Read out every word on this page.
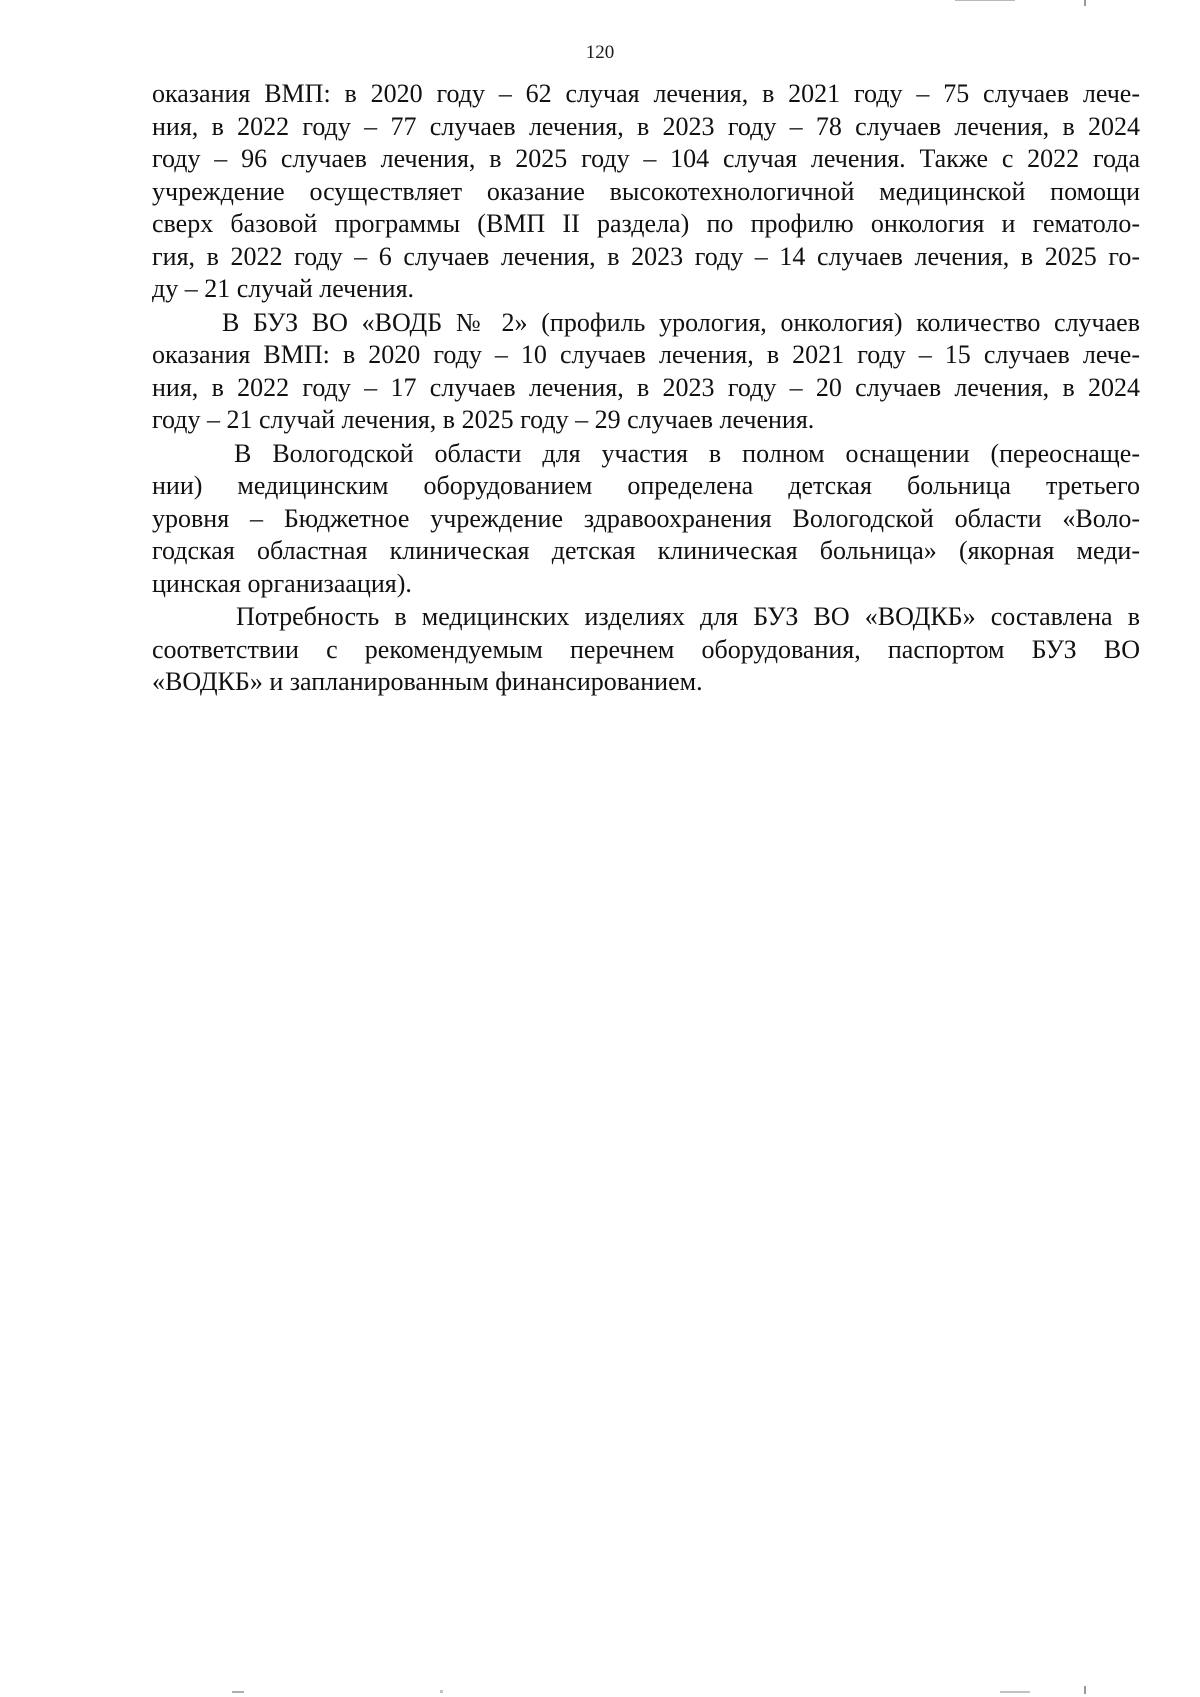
120
оказания ВМП: в 2020 году – 62 случая лечения, в 2021 году – 75 случаев лече-
ния, в 2022 году – 77 случаев лечения, в 2023 году – 78 случаев лечения, в 2024
году – 96 случаев лечения, в 2025 году – 104 случая лечения. Также с 2022 года
учреждение осуществляет оказание высокотехнологичной медицинской помощи
сверх базовой программы (ВМП II раздела) по профилю онкология и гематоло-
гия, в 2022 году – 6 случаев лечения, в 2023 году – 14 случаев лечения, в 2025 го-
ду – 21 случай лечения.
В БУЗ ВО «ВОДБ № 2» (профиль урология, онкология) количество случаев
оказания ВМП: в 2020 году – 10 случаев лечения, в 2021 году – 15 случаев лече-
ния, в 2022 году – 17 случаев лечения, в 2023 году – 20 случаев лечения, в 2024
году – 21 случай лечения, в 2025 году – 29 случаев лечения.
В Вологодской области для участия в полном оснащении (переоснаще-
нии) медицинским оборудованием определена детская больница третьего
уровня – Бюджетное учреждение здравоохранения Вологодской области «Воло-
годская областная клиническая детская клиническая больница» (якорная меди-
цинская организаация).
Потребность в медицинских изделиях для БУЗ ВО «ВОДКБ» составлена в
соответствии с рекомендуемым перечнем оборудования, паспортом БУЗ ВО
«ВОДКБ» и запланированным финансированием.
